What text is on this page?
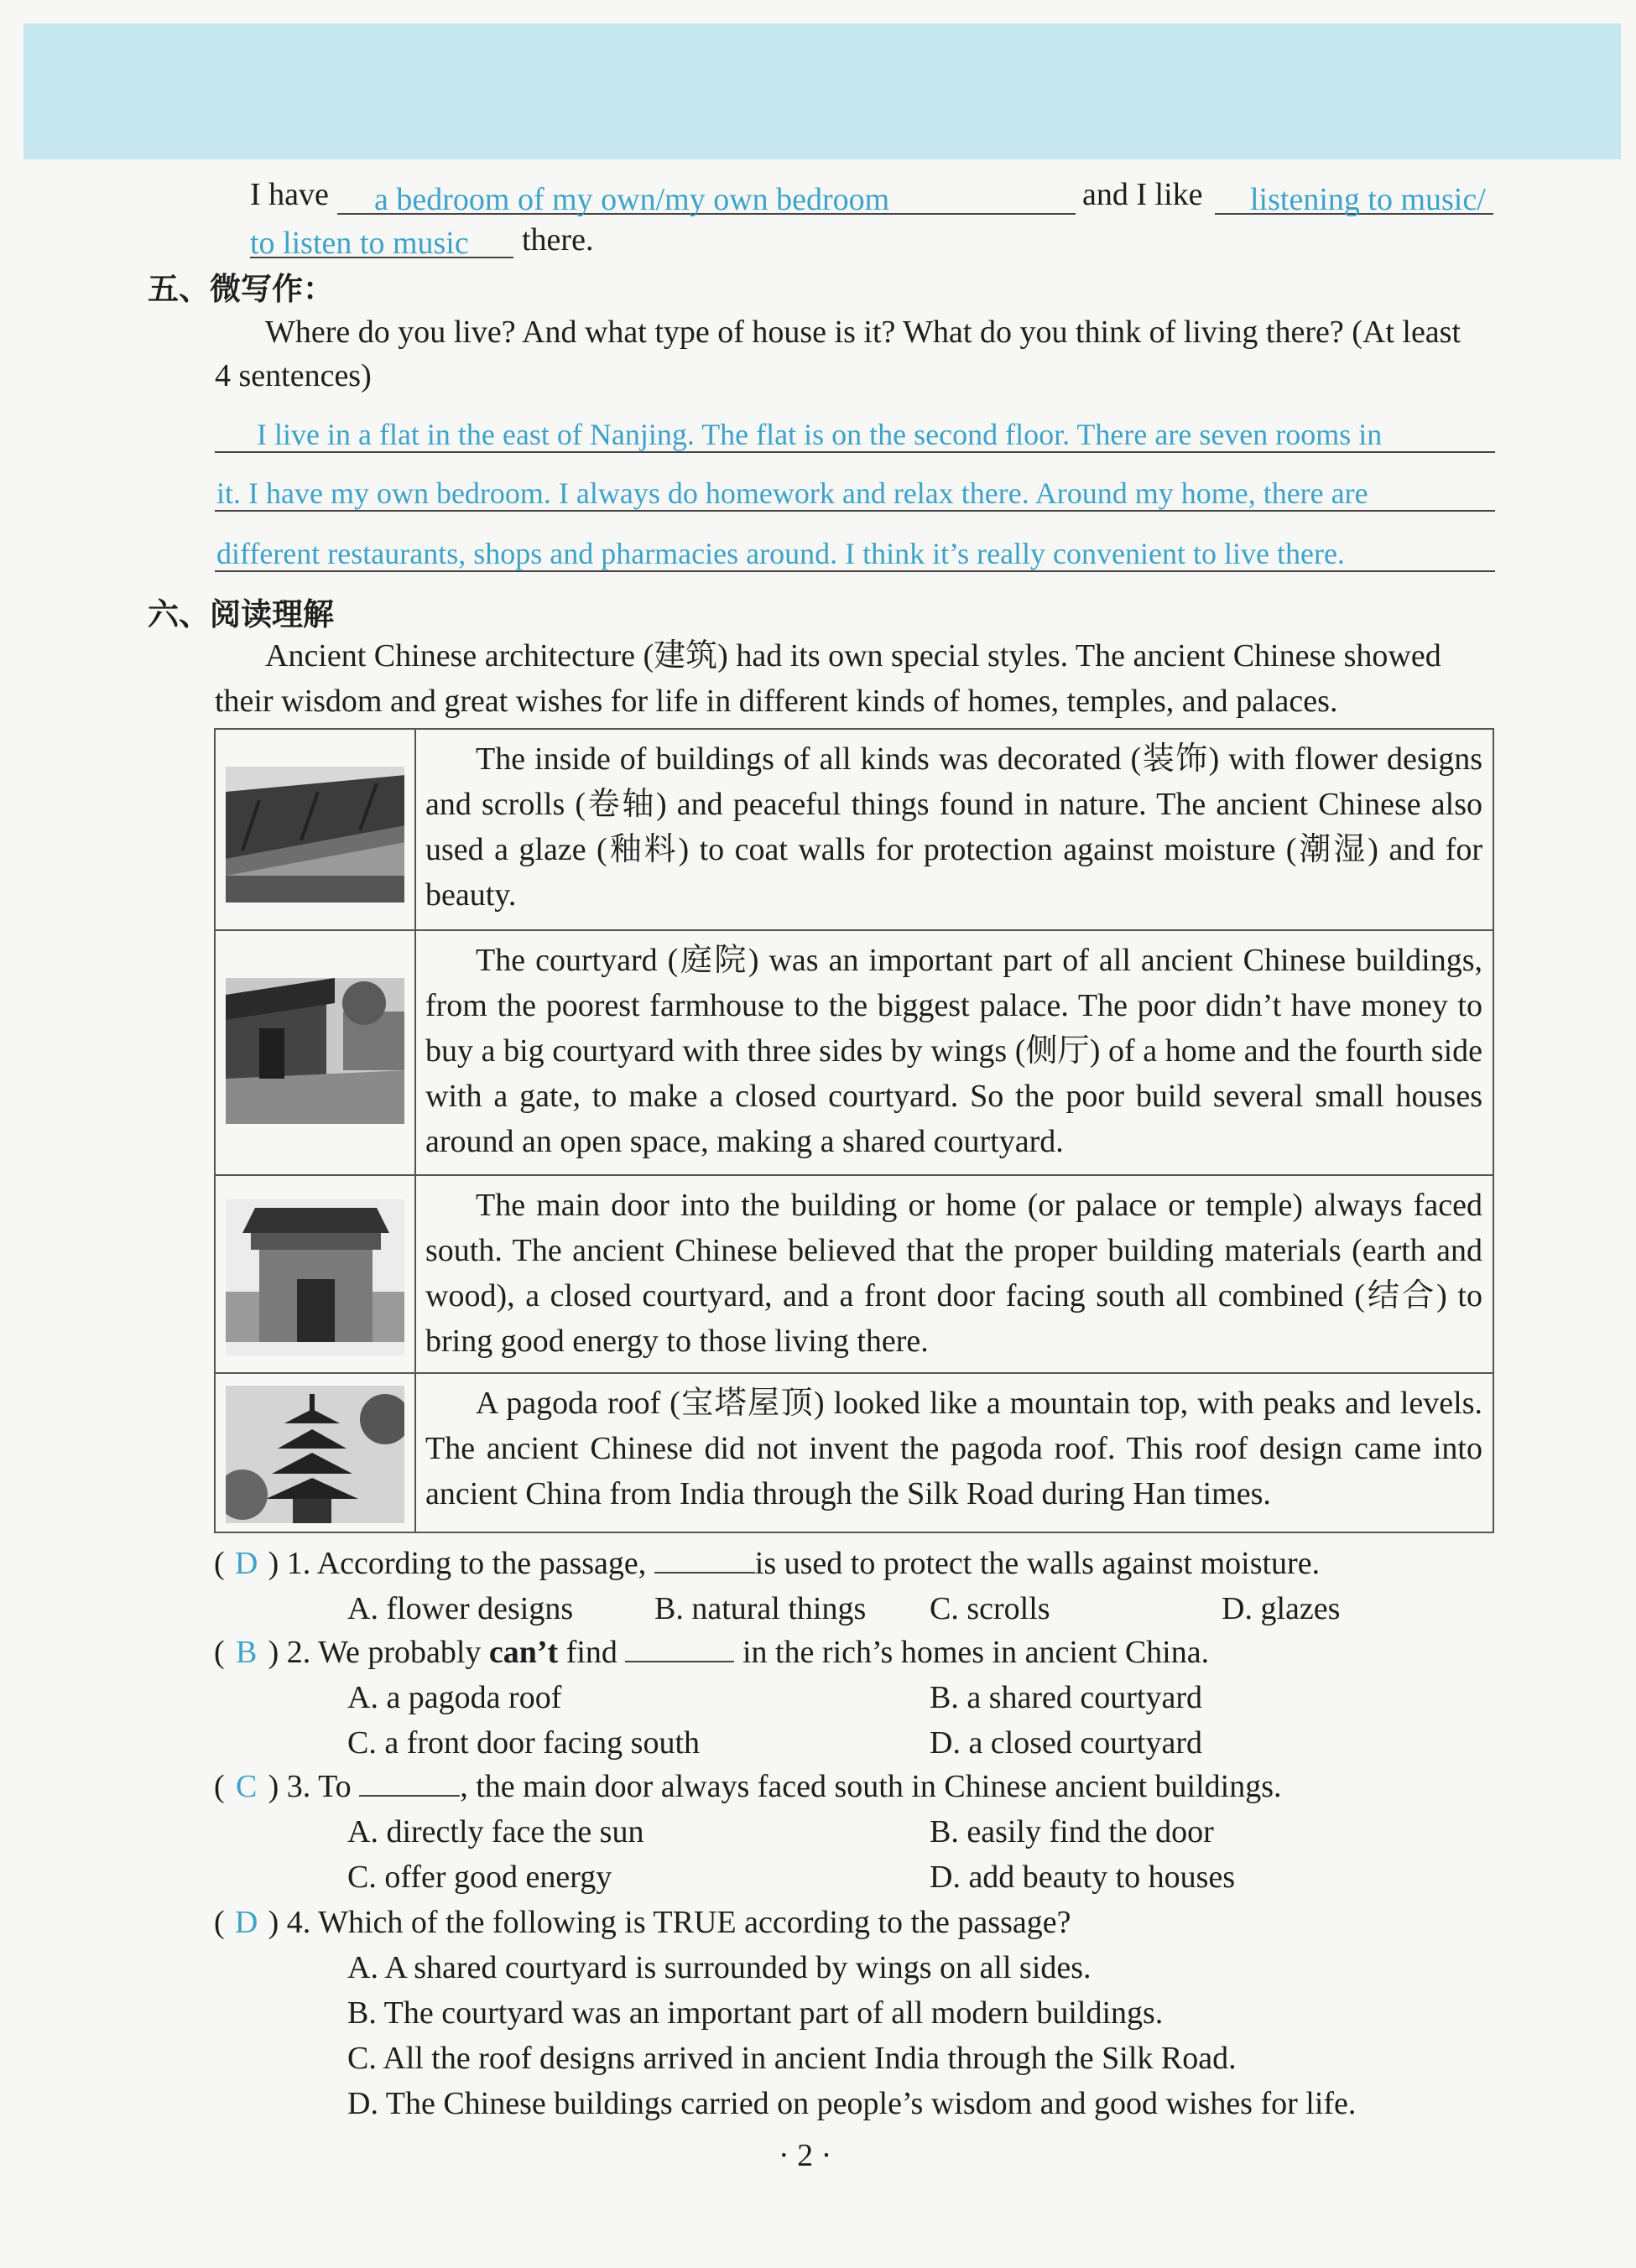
I have a bedroom of my own/my own bedroom	and I like listening to music/
to listen to music there.
五、微写作：
Where do you live? And what type of house is it? What do you think of living there? (At least
4 sentences)
I live in a flat in the east of Nanjing. The flat is on the second floor. There are seven rooms in
it. I have my own bedroom. I always do homework and relax there. Around my home, there are
different restaurants, shops and pharmacies around. I think it’s really convenient to live there.
六、阅读理解
Ancient Chinese architecture (建筑) had its own special styles. The ancient Chinese showed
their wisdom and great wishes for life in different kinds of homes, temples, and palaces.
The inside of buildings of all kinds was decorated (装饰) with flower designs and scrolls (卷轴) and peaceful things found in nature. The ancient Chinese also used a glaze (釉料) to coat walls for protection against moisture (潮湿) and for beauty.
The courtyard (庭院) was an important part of all ancient Chinese buildings, from the poorest farmhouse to the biggest palace. The poor didn’t have money to buy a big courtyard with three sides by wings (侧厅) of a home and the fourth side with a gate, to make a closed courtyard. So the poor build several small houses around an open space, making a shared courtyard.
The main door into the building or home (or palace or temple) always faced south. The ancient Chinese believed that the proper building materials (earth and wood), a closed courtyard, and a front door facing south all combined (结合) to bring good energy to those living there.
A pagoda roof (宝塔屋顶) looked like a mountain top, with peaks and levels. The ancient Chinese did not invent the pagoda roof. This roof design came into ancient China from India through the Silk Road during Han times.
( D ) 1. According to the passage,	is used to protect the walls against moisture.
A. flower designs	B. natural things C. scrolls	D. glazes
( B ) 2. We probably can’t find	in the rich’s homes in ancient China.
A. a pagoda roof	B. a shared courtyard
C. a front door facing south	D. a closed courtyard
( C ) 3. To	, the main door always faced south in Chinese ancient buildings.
A. directly face the sun	B. easily find the door
C. offer good energy	D. add beauty to houses
( D ) 4. Which of the following is TRUE according to the passage?
A. A shared courtyard is surrounded by wings on all sides.
B. The courtyard was an important part of all modern buildings.
C. All the roof designs arrived in ancient India through the Silk Road.
D. The Chinese buildings carried on people’s wisdom and good wishes for life.
· 2 ·
